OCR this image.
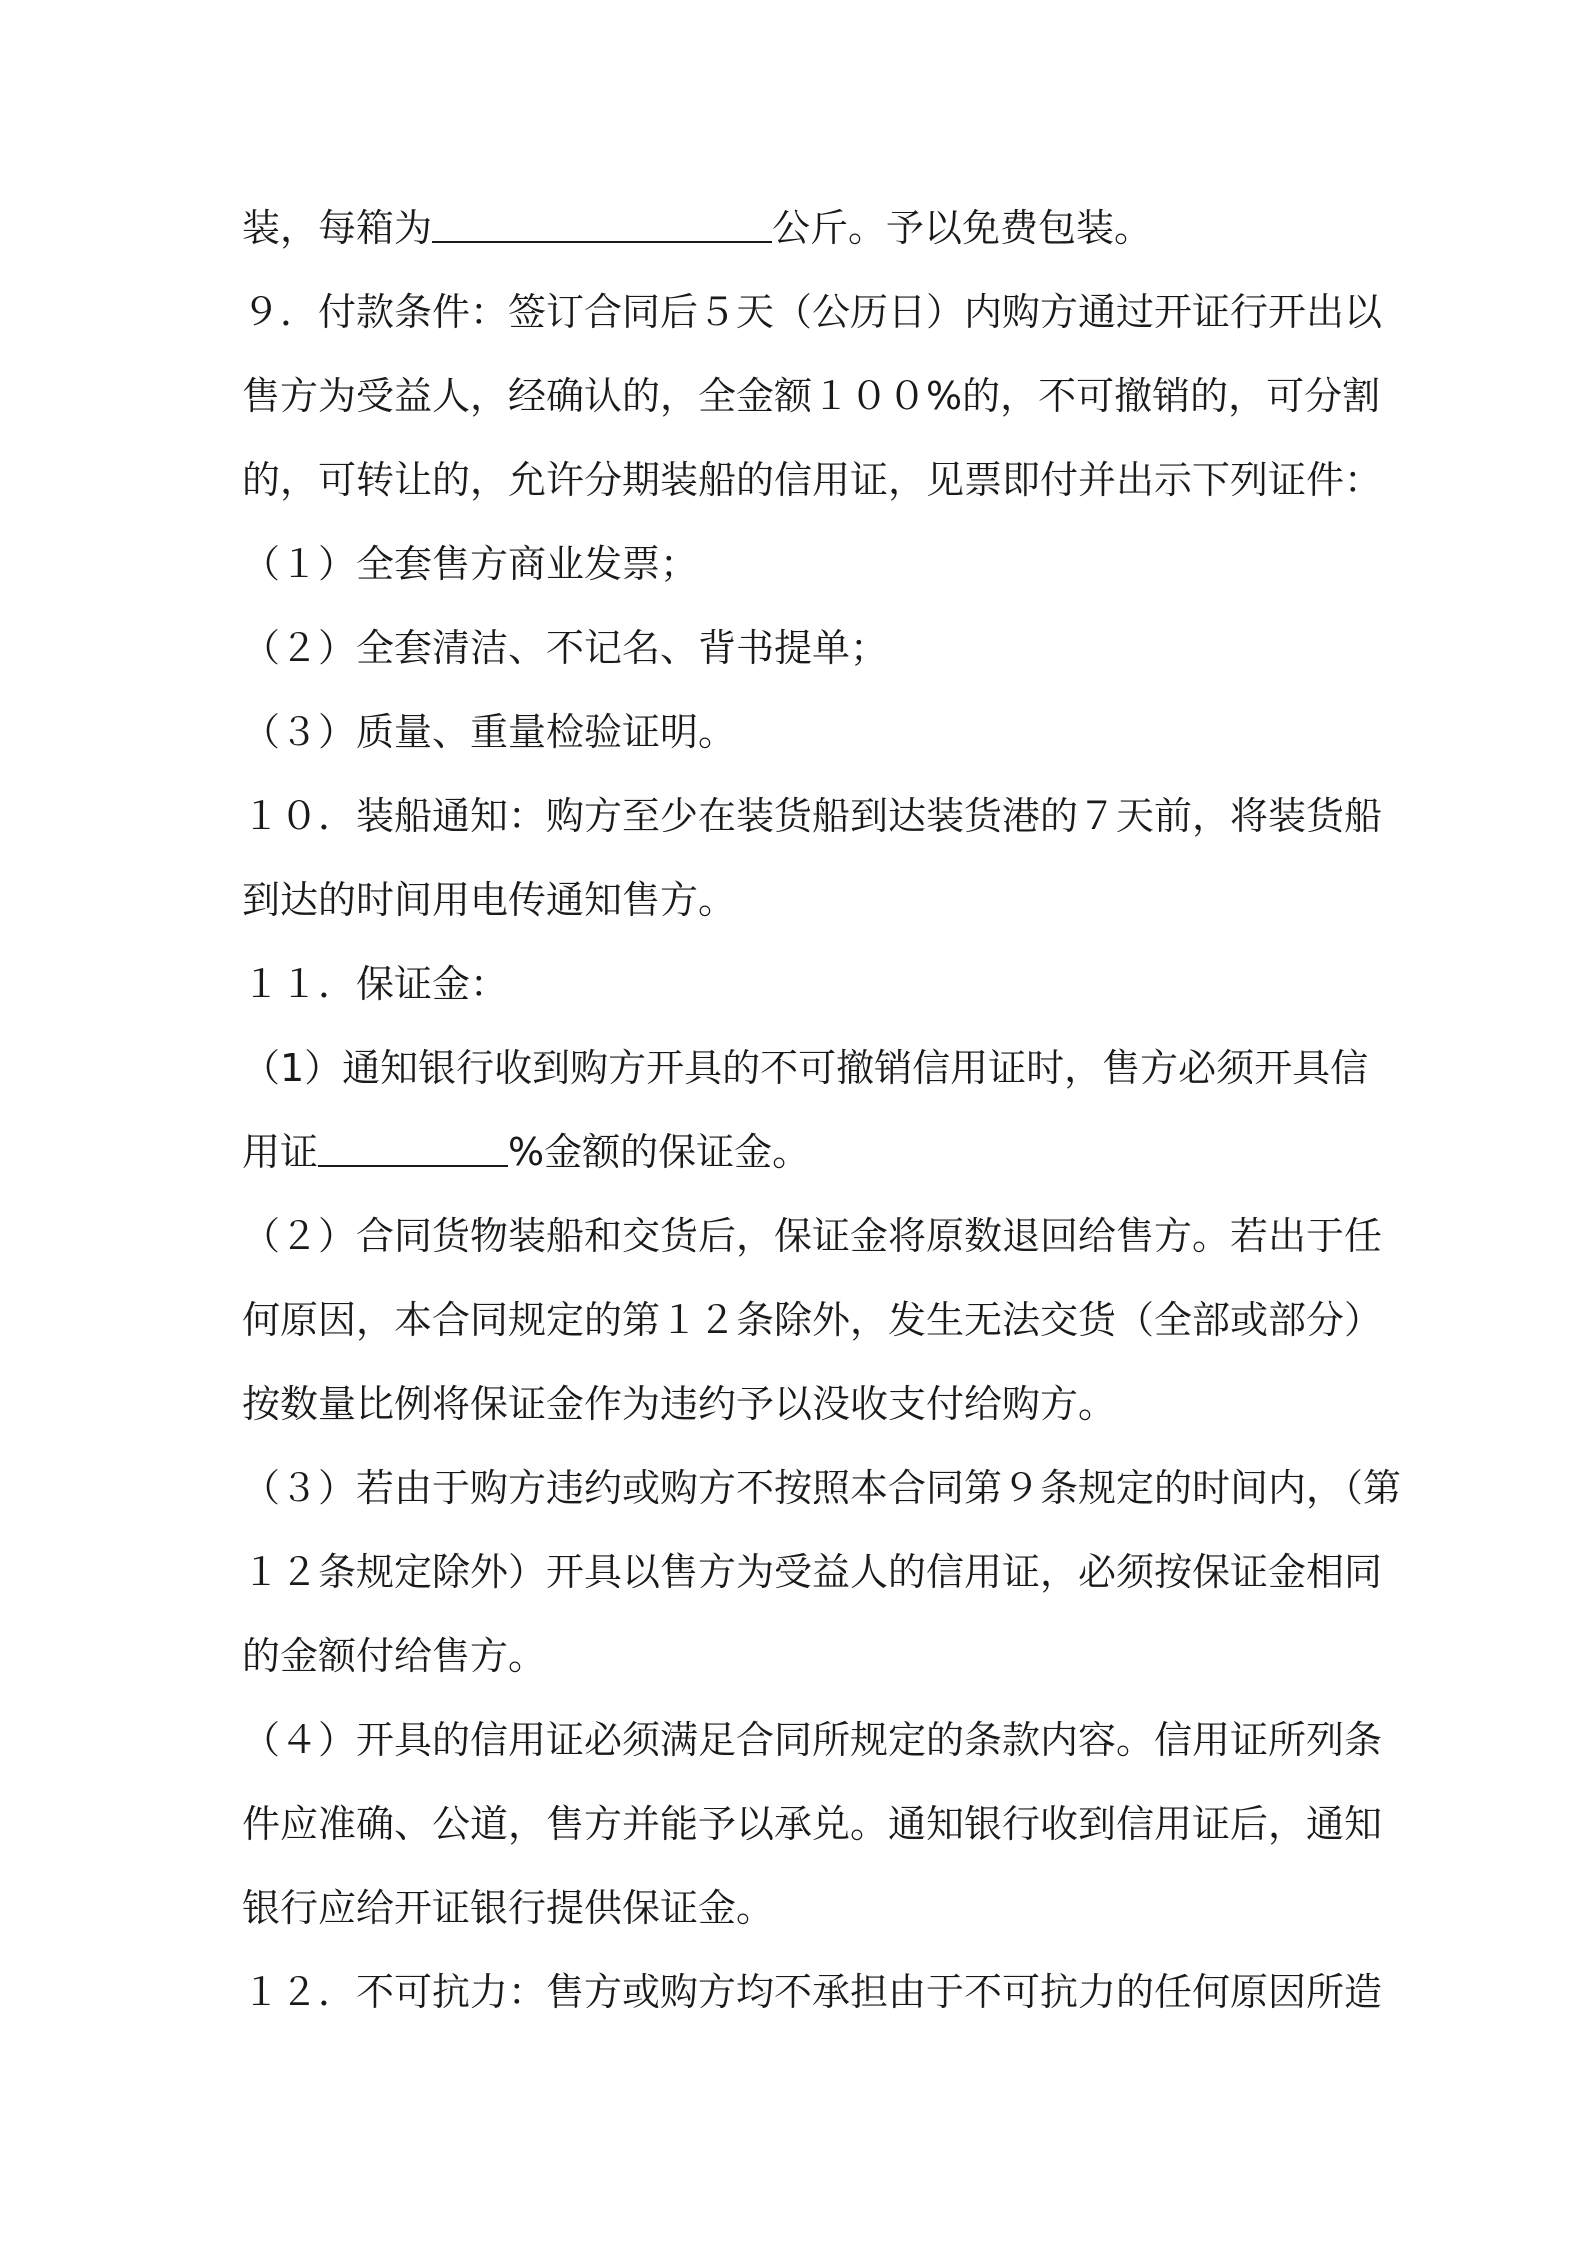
装，每箱为	公斤。予以免费包装。
９．付款条件：签订合同后５天（公历日）内购方通过开证行开出以
售方为受益人，经确认的，全金额１００%的，不可撤销的，可分割
的，可转让的，允许分期装船的信用证，见票即付并出示下列证件：
（１）全套售方商业发票；
（２）全套清洁、不记名、背书提单；
（３）质量、重量检验证明。
１０．装船通知：购方至少在装货船到达装货港的７天前，将装货船
到达的时间用电传通知售方。
１１．保证金：
（1）通知银行收到购方开具的不可撤销信用证时，售方必须开具信
用证	%金额的保证金。
（２）合同货物装船和交货后，保证金将原数退回给售方。若出于任
何原因，本合同规定的第１２条除外，发生无法交货（全部或部分）
按数量比例将保证金作为违约予以没收支付给购方。
（３）若由于购方违约或购方不按照本合同第９条规定的时间内，（第
１２条规定除外）开具以售方为受益人的信用证，必须按保证金相同
的金额付给售方。
（４）开具的信用证必须满足合同所规定的条款内容。信用证所列条
件应准确、公道，售方并能予以承兑。通知银行收到信用证后，通知
银行应给开证银行提供保证金。
１２．不可抗力：售方或购方均不承担由于不可抗力的任何原因所造
